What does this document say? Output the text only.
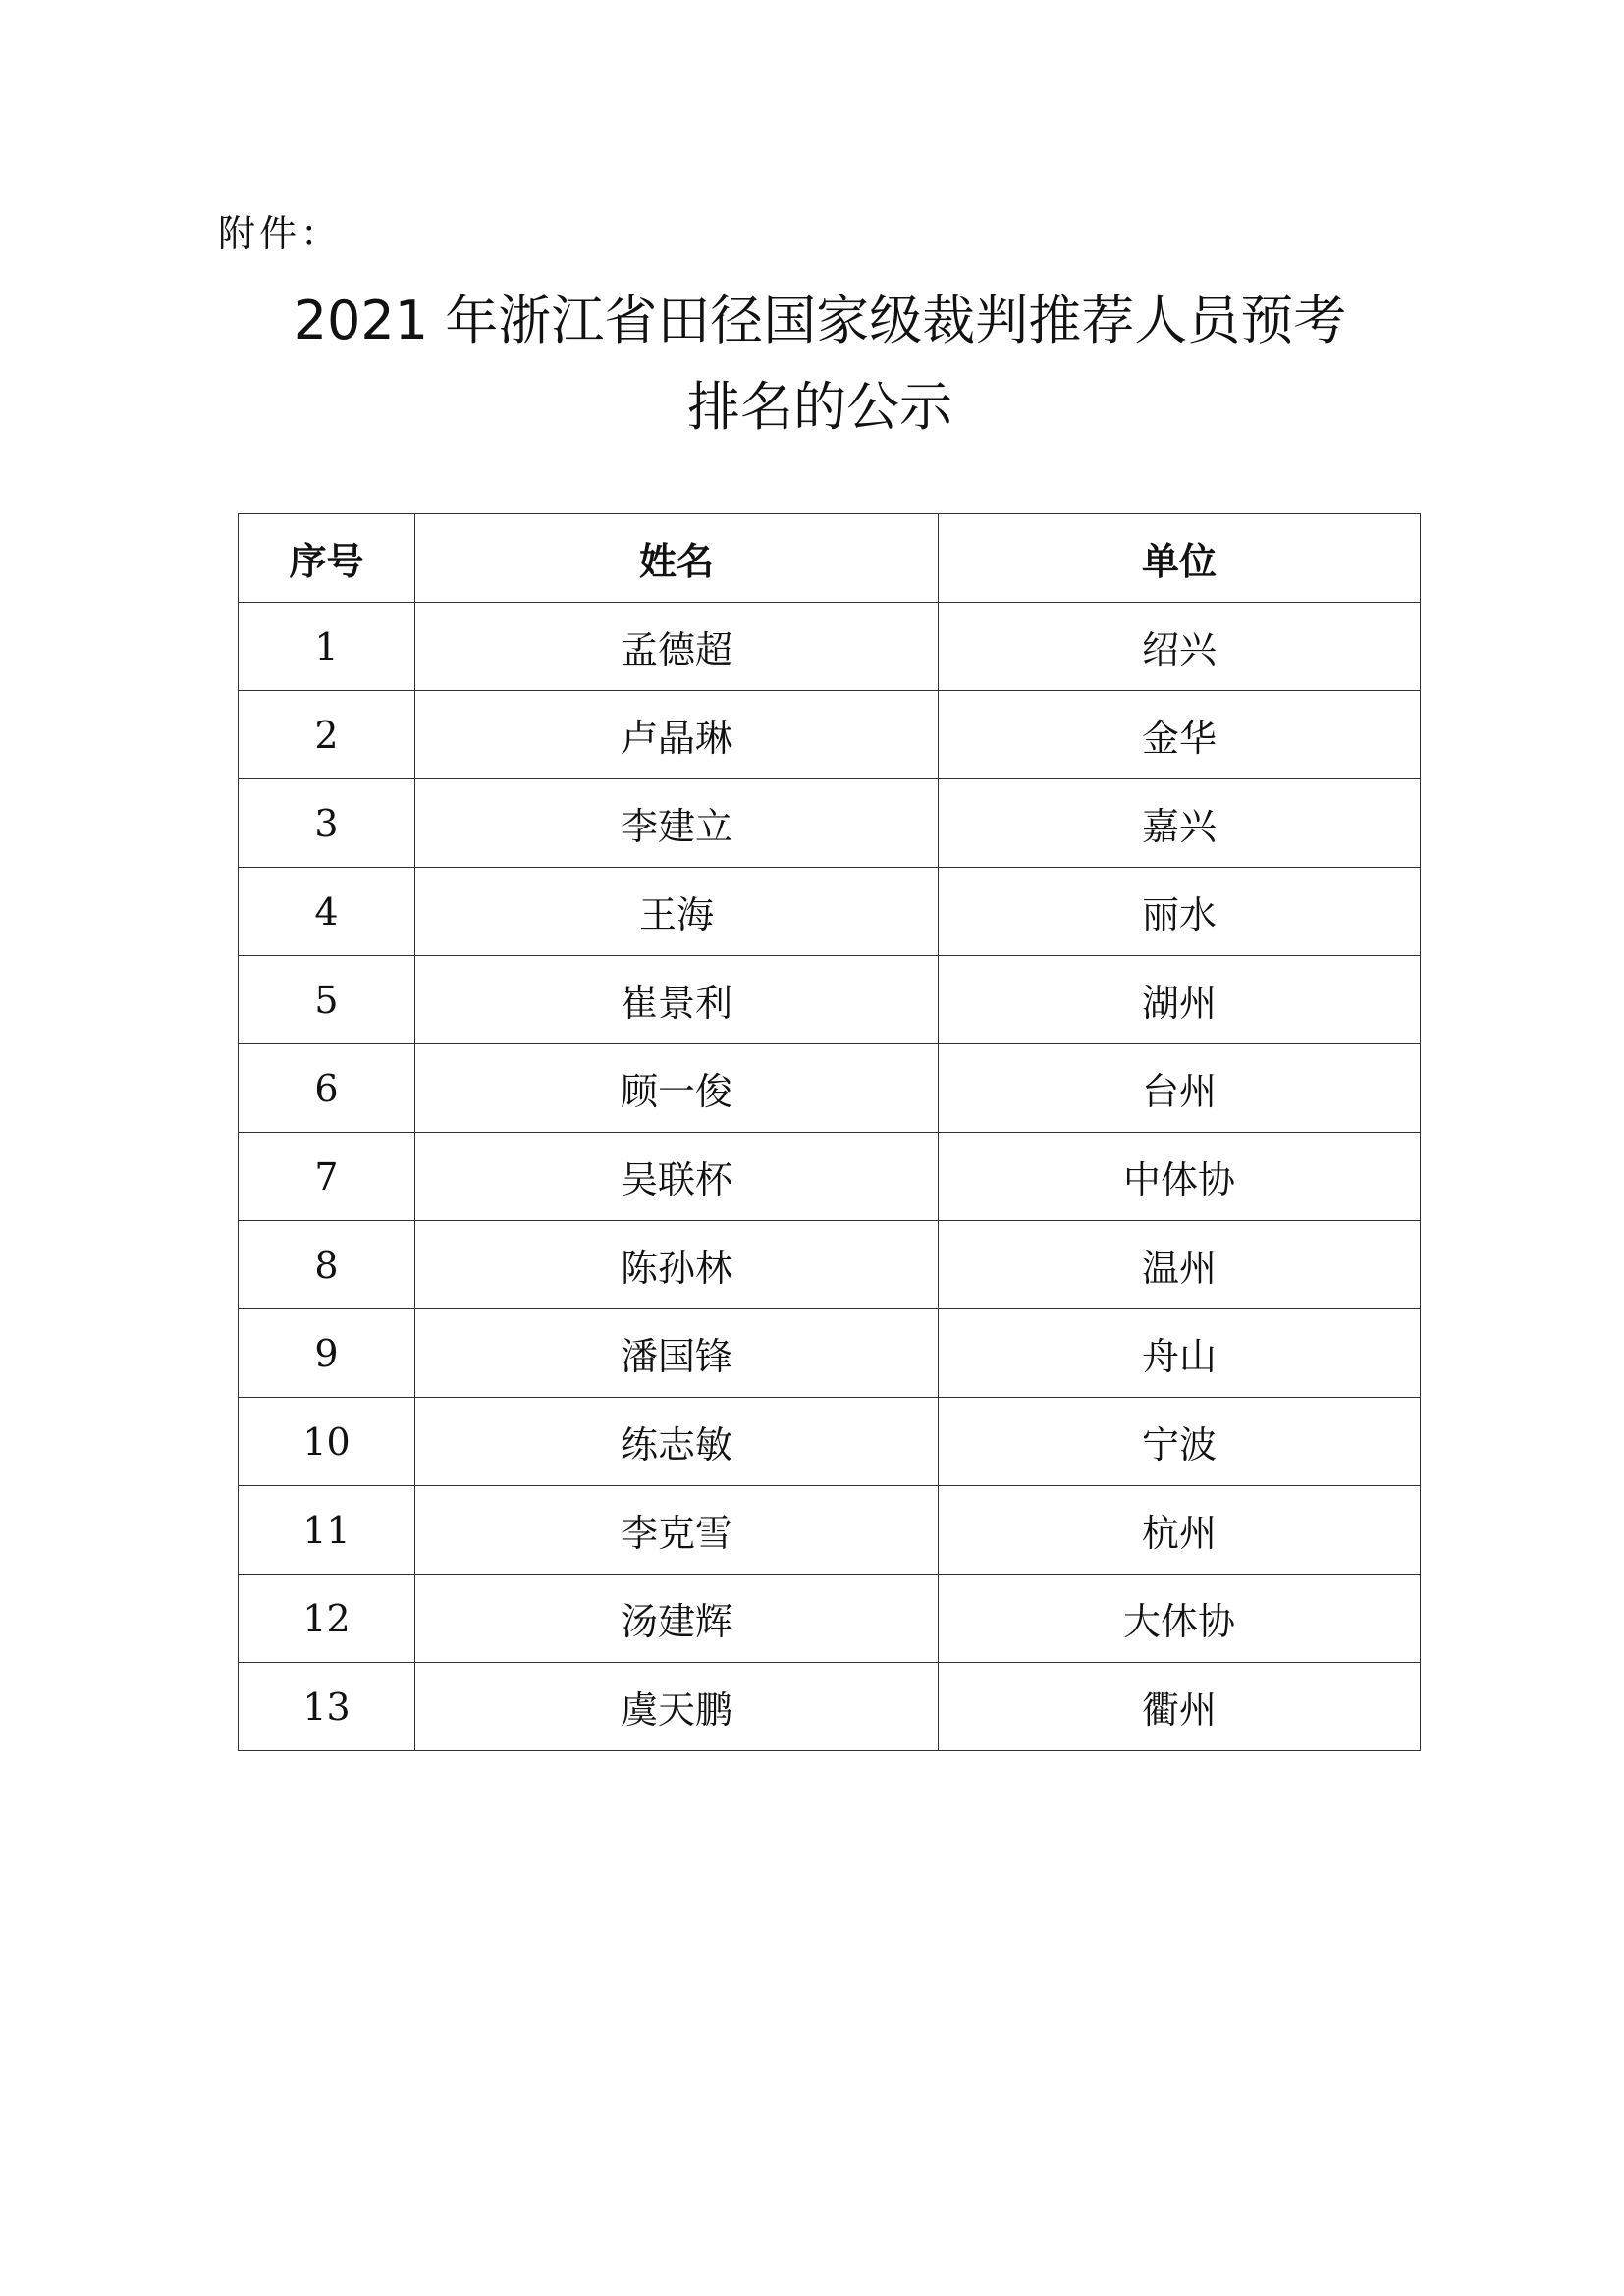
附件：
2021 年浙江省田径国家级裁判推荐人员预考
排名的公示
序号	姓名	单位
1	孟德超	绍兴
2	卢晶琳	金华
3	李建立	嘉兴
4	王海	丽水
5	崔景利	湖州
6	顾一俊	台州
7	吴联杯	中体协
8	陈孙林	温州
9	潘国锋	舟山
10	练志敏	宁波
11	李克雪	杭州
12	汤建辉	大体协
13	虞天鹏	衢州
